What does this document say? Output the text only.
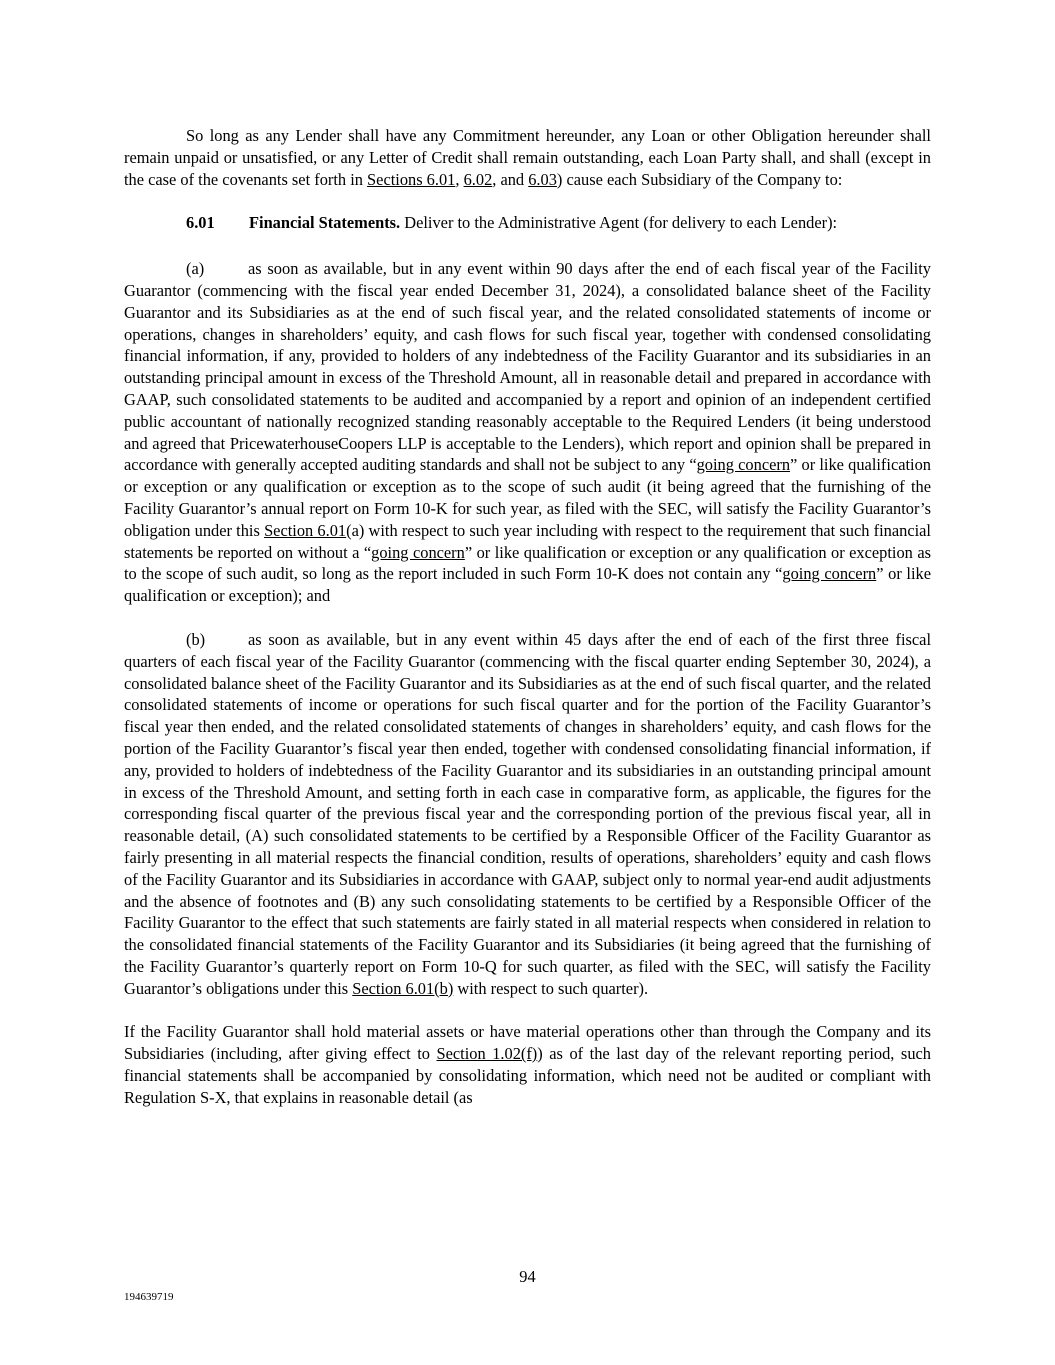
So long as any Lender shall have any Commitment hereunder, any Loan or other Obligation hereunder shall remain unpaid or unsatisfied, or any Letter of Credit shall remain outstanding, each Loan Party shall, and shall (except in the case of the covenants set forth in Sections 6.01, 6.02, and 6.03) cause each Subsidiary of the Company to:

6.01 Financial Statements. Deliver to the Administrative Agent (for delivery to each Lender):

(a)	as soon as available, but in any event within 90 days after the end of each fiscal year of the Facility Guarantor (commencing with the fiscal year ended December 31, 2024), a consolidated balance sheet of the Facility Guarantor and its Subsidiaries as at the end of such fiscal year, and the related consolidated statements of income or operations, changes in shareholders’ equity, and cash flows for such fiscal year, together with condensed consolidating financial information, if any, provided to holders of any indebtedness of the Facility Guarantor and its subsidiaries in an outstanding principal amount in excess of the Threshold Amount, all in reasonable detail and prepared in accordance with GAAP, such consolidated statements to be audited and accompanied by a report and opinion of an independent certified public accountant of nationally recognized standing reasonably acceptable to the Required Lenders (it being understood and agreed that PricewaterhouseCoopers LLP is acceptable to the Lenders), which report and opinion shall be prepared in accordance with generally accepted auditing standards and shall not be subject to any “going concern” or like qualification or exception or any qualification or exception as to the scope of such audit (it being agreed that the furnishing of the Facility Guarantor’s annual report on Form 10-K for such year, as filed with the SEC, will satisfy the Facility Guarantor’s obligation under this Section 6.01(a) with respect to such year including with respect to the requirement that such financial statements be reported on without a “going concern” or like qualification or exception or any qualification or exception as to the scope of such audit, so long as the report included in such Form 10-K does not contain any “going concern” or like qualification or exception); and

(b)	as soon as available, but in any event within 45 days after the end of each of the first three fiscal quarters of each fiscal year of the Facility Guarantor (commencing with the fiscal quarter ending September 30, 2024), a consolidated balance sheet of the Facility Guarantor and its Subsidiaries as at the end of such fiscal quarter, and the related consolidated statements of income or operations for such fiscal quarter and for the portion of the Facility Guarantor’s fiscal year then ended, and the related consolidated statements of changes in shareholders’ equity, and cash flows for the portion of the Facility Guarantor’s fiscal year then ended, together with condensed consolidating financial information, if any, provided to holders of indebtedness of the Facility Guarantor and its subsidiaries in an outstanding principal amount in excess of the Threshold Amount, and setting forth in each case in comparative form, as applicable, the figures for the corresponding fiscal quarter of the previous fiscal year and the corresponding portion of the previous fiscal year, all in reasonable detail, (A) such consolidated statements to be certified by a Responsible Officer of the Facility Guarantor as fairly presenting in all material respects the financial condition, results of operations, shareholders’ equity and cash flows of the Facility Guarantor and its Subsidiaries in accordance with GAAP, subject only to normal year-end audit adjustments and the absence of footnotes and (B) any such consolidating statements to be certified by a Responsible Officer of the Facility Guarantor to the effect that such statements are fairly stated in all material respects when considered in relation to the consolidated financial statements of the Facility Guarantor and its Subsidiaries (it being agreed that the furnishing of the Facility Guarantor’s quarterly report on Form 10-Q for such quarter, as filed with the SEC, will satisfy the Facility Guarantor’s obligations under this Section 6.01(b) with respect to such quarter).

If the Facility Guarantor shall hold material assets or have material operations other than through the Company and its Subsidiaries (including, after giving effect to Section 1.02(f)) as of the last day of the relevant reporting period, such financial statements shall be accompanied by consolidating information, which need not be audited or compliant with Regulation S-X, that explains in reasonable detail (as

94
194639719
